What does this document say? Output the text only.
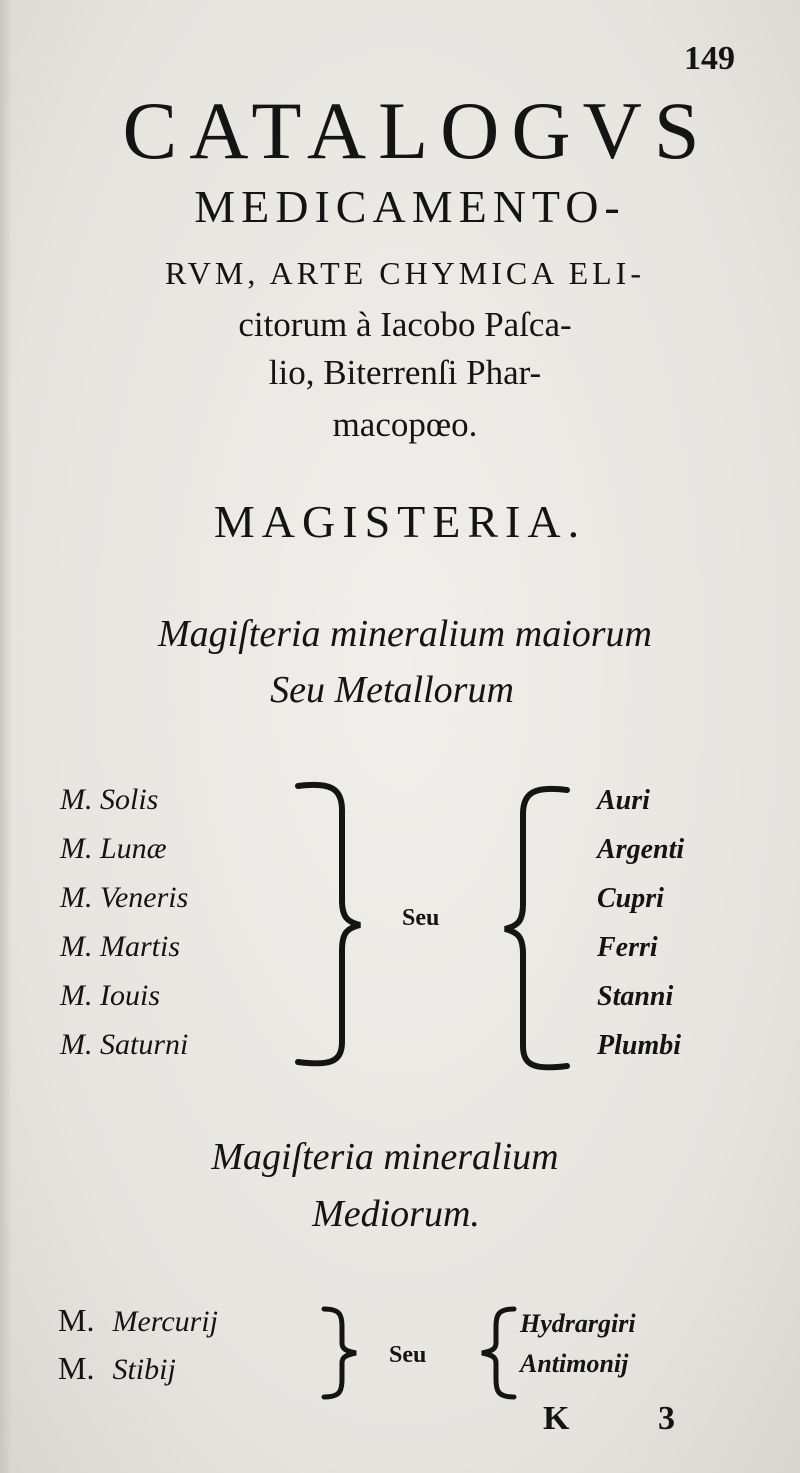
149
CATALOGVS
MEDICAMENTO-
RVM, ARTE CHYMICA ELI-
citorum à Iacobo Paſca-
lio, Biterrenſi Phar-
macopœo.
MAGISTERIA.
Magiſteria mineralium maiorum
Seu Metallorum
M. Solis
M. Lunæ
M. Veneris
M. Martis
M. Iouis
M. Saturni
Seu
Auri
Argenti
Cupri
Ferri
Stanni
Plumbi
Magiſteria mineralium
Mediorum.
M. Mercurij
M. Stibij	Seu
Hydrargiri
Antimonij
K 3
